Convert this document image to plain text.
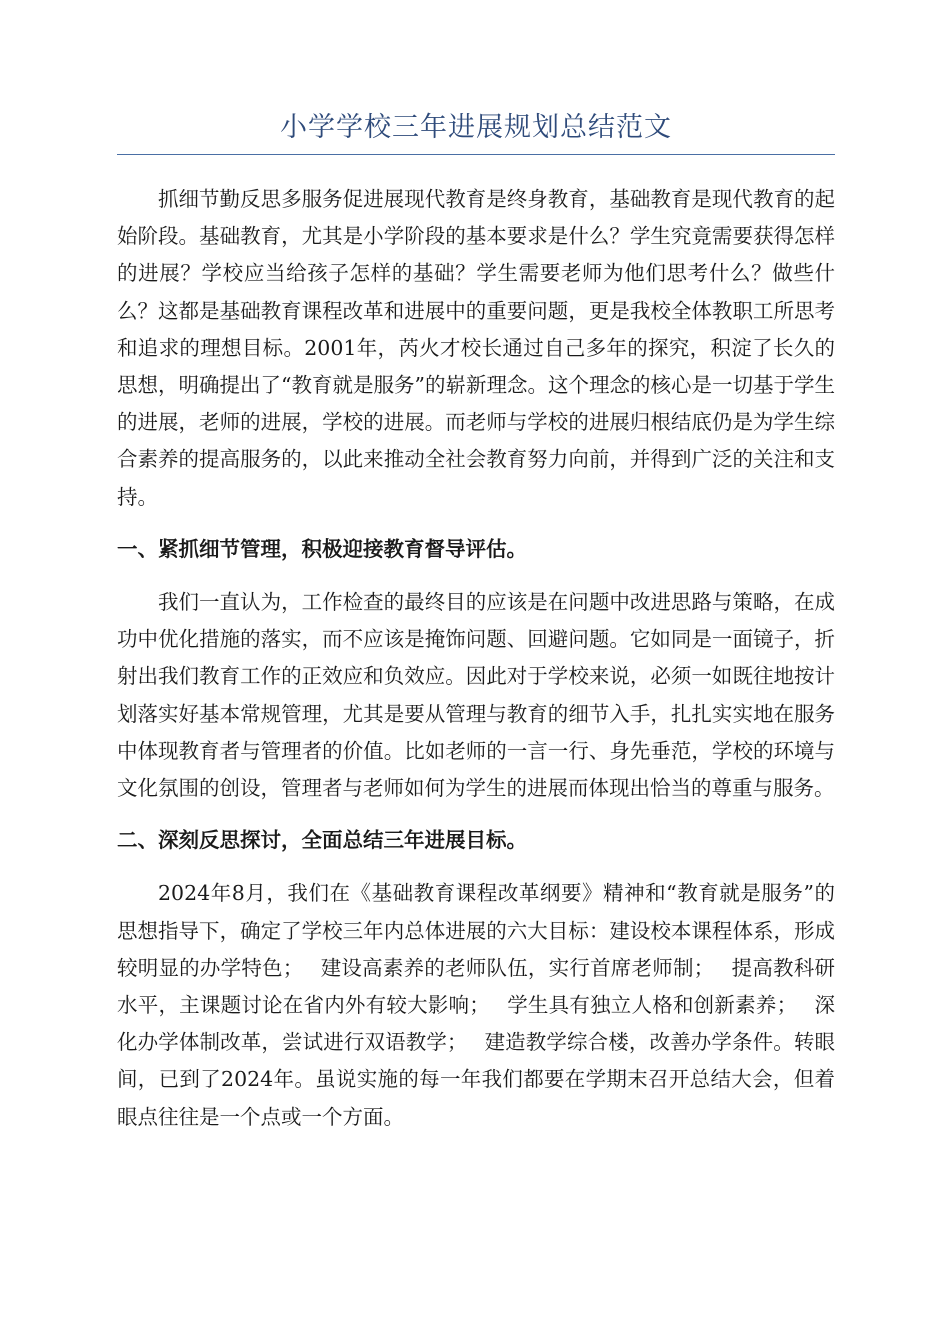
小学学校三年进展规划总结范文

抓细节勤反思多服务促进展现代教育是终身教育，基础教育是现代教育的起始阶段。基础教育，尤其是小学阶段的基本要求是什么？学生究竟需要获得怎样的进展？学校应当给孩子怎样的基础？学生需要老师为他们思考什么？做些什么？这都是基础教育课程改革和进展中的重要问题，更是我校全体教职工所思考和追求的理想目标。2001年，芮火才校长通过自己多年的探究，积淀了长久的思想，明确提出了“教育就是服务”的崭新理念。这个理念的核心是一切基于学生的进展，老师的进展，学校的进展。而老师与学校的进展归根结底仍是为学生综合素养的提高服务的，以此来推动全社会教育努力向前，并得到广泛的关注和支持。

一、紧抓细节管理，积极迎接教育督导评估。

我们一直认为，工作检查的最终目的应该是在问题中改进思路与策略，在成功中优化措施的落实，而不应该是掩饰问题、回避问题。它如同是一面镜子，折射出我们教育工作的正效应和负效应。因此对于学校来说，必须一如既往地按计划落实好基本常规管理，尤其是要从管理与教育的细节入手，扎扎实实地在服务中体现教育者与管理者的价值。比如老师的一言一行、身先垂范，学校的环境与文化氛围的创设，管理者与老师如何为学生的进展而体现出恰当的尊重与服务。

二、深刻反思探讨，全面总结三年进展目标。

2024年8月，我们在《基础教育课程改革纲要》精神和“教育就是服务”的思想指导下，确定了学校三年内总体进展的六大目标：建设校本课程体系，形成较明显的办学特色；　 建设高素养的老师队伍，实行首席老师制；　 提高教科研水平，主课题讨论在省内外有较大影响；　 学生具有独立人格和创新素养；　 深化办学体制改革，尝试进行双语教学；　 建造教学综合楼，改善办学条件。转眼间，已到了2024年。虽说实施的每一年我们都要在学期末召开总结大会，但着眼点往往是一个点或一个方面。
